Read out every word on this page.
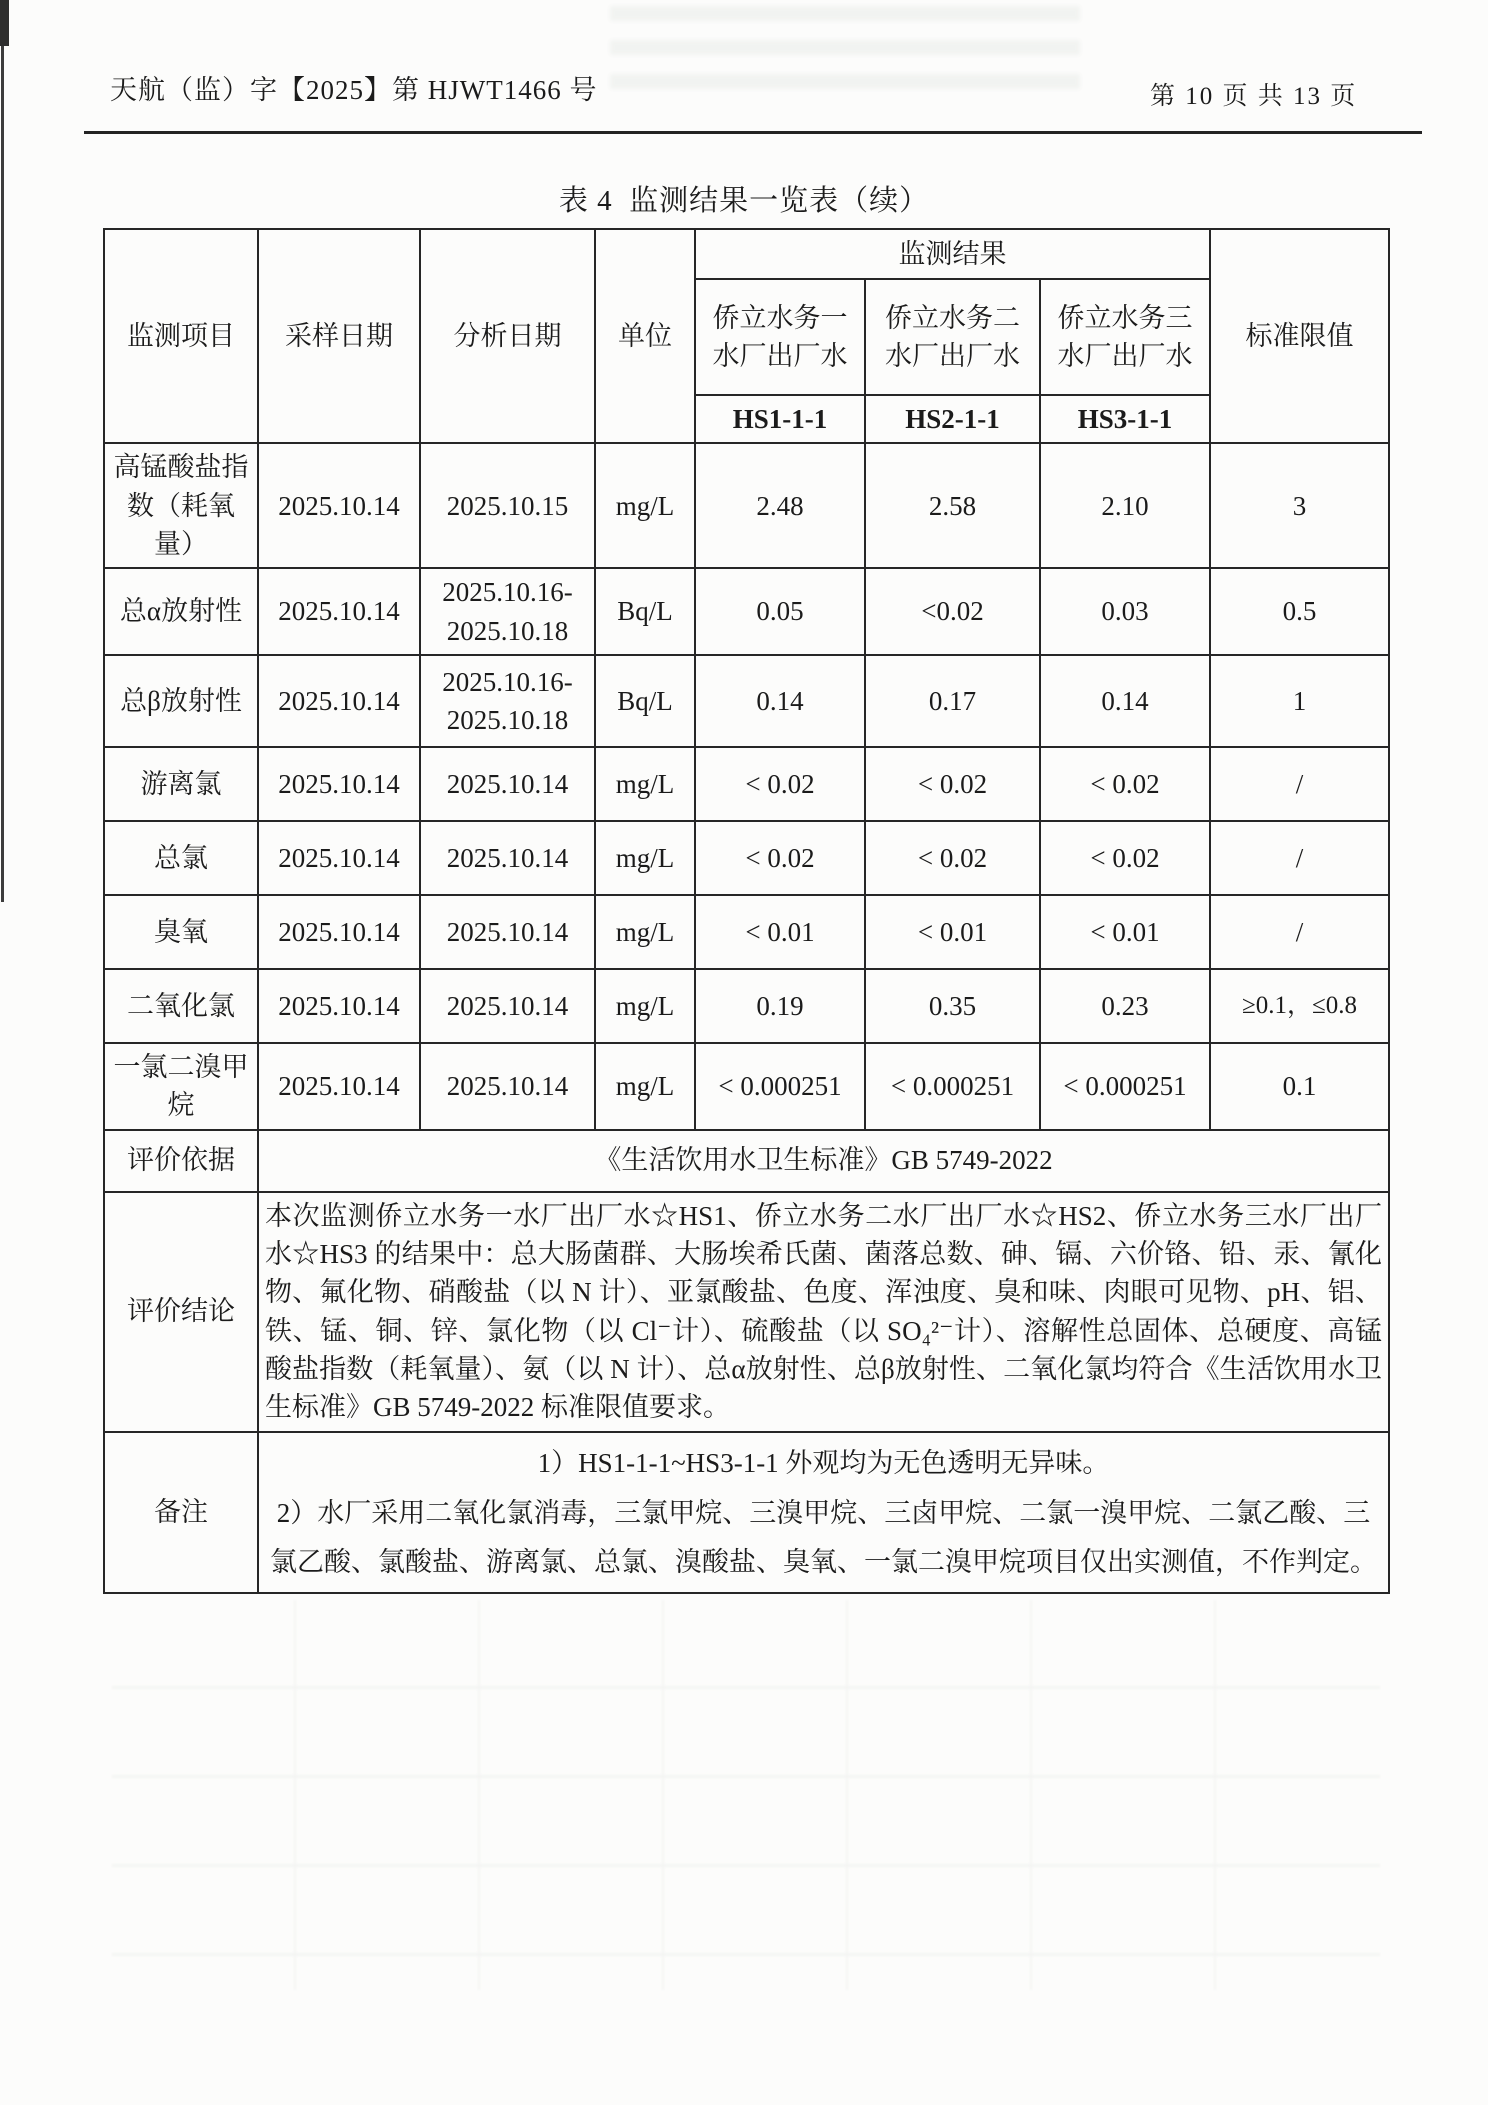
天航（监）字【2025】第 HJWT1466 号	第 10 页 共 13 页
表 4  监测结果一览表（续）
监测项目	采样日期	分析日期	单位	监测结果			标准限值
				侨立水务一水厂出厂水	侨立水务二水厂出厂水	侨立水务三水厂出厂水	
				HS1-1-1	HS2-1-1	HS3-1-1	
高锰酸盐指数（耗氧量）	2025.10.14	2025.10.15	mg/L	2.48	2.58	2.10	3
总α放射性	2025.10.14	2025.10.16-2025.10.18	Bq/L	0.05	<0.02	0.03	0.5
总β放射性	2025.10.14	2025.10.16-2025.10.18	Bq/L	0.14	0.17	0.14	1
游离氯	2025.10.14	2025.10.14	mg/L	< 0.02	< 0.02	< 0.02	/
总氯	2025.10.14	2025.10.14	mg/L	< 0.02	< 0.02	< 0.02	/
臭氧	2025.10.14	2025.10.14	mg/L	< 0.01	< 0.01	< 0.01	/
二氧化氯	2025.10.14	2025.10.14	mg/L	0.19	0.35	0.23	≥0.1，≤0.8
一氯二溴甲烷	2025.10.14	2025.10.14	mg/L	< 0.000251	< 0.000251	< 0.000251	0.1
评价依据	《生活饮用水卫生标准》GB 5749-2022						
评价结论	本次监测侨立水务一水厂出厂水☆HS1、侨立水务二水厂出厂水☆HS2、侨立水务三水厂出厂水☆HS3 的结果中：总大肠菌群、大肠埃希氏菌、菌落总数、砷、镉、六价铬、铅、汞、氰化物、氟化物、硝酸盐（以 N 计）、亚氯酸盐、色度、浑浊度、臭和味、肉眼可见物、pH、铝、铁、锰、铜、锌、氯化物（以 Cl⁻计）、硫酸盐（以 SO₄²⁻计）、溶解性总固体、总硬度、高锰酸盐指数（耗氧量）、氨（以 N 计）、总α放射性、总β放射性、二氧化氯均符合《生活饮用水卫生标准》GB 5749-2022 标准限值要求。						
备注	1）HS1-1-1~HS3-1-1 外观均为无色透明无异味。
2）水厂采用二氧化氯消毒，三氯甲烷、三溴甲烷、三卤甲烷、二氯一溴甲烷、二氯乙酸、三氯乙酸、氯酸盐、游离氯、总氯、溴酸盐、臭氧、一氯二溴甲烷项目仅出实测值，不作判定。						
